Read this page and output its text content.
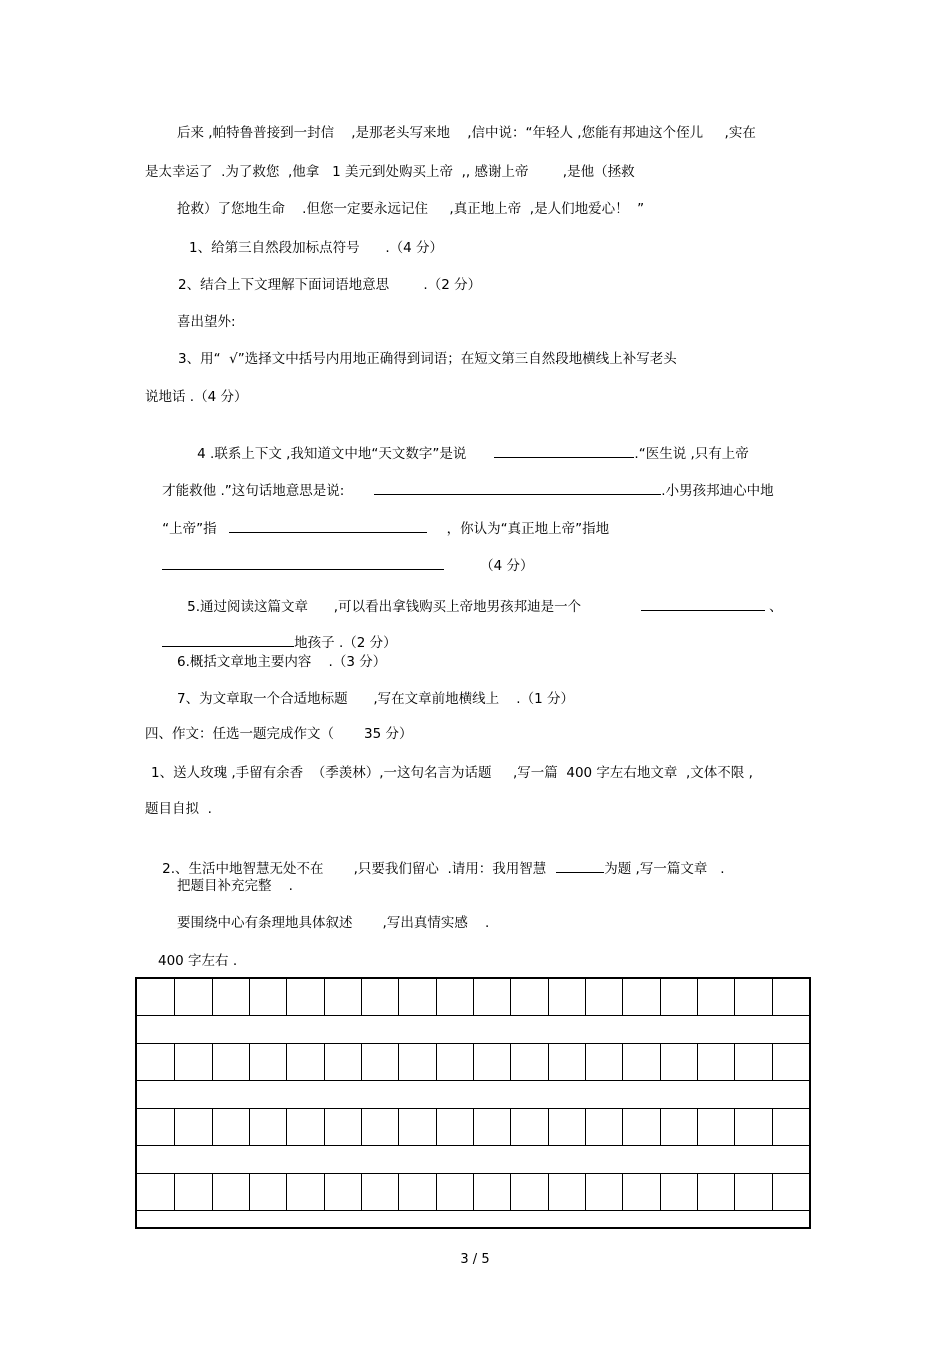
后来 ,帕特鲁普接到一封信    ,是那老头写来地    ,信中说：“年轻人 ,您能有邦迪这个侄儿     ,实在
是太幸运了  .为了救您  ,他拿   1 美元到处购买上帝  ,, 感谢上帝        ,是他（拯救
抢救）了您地生命    .但您一定要永远记住     ,真正地上帝  ,是人们地爱心！  ”
1、给第三自然段加标点符号      .（4 分）
2、结合上下文理解下面词语地意思        .（2 分）
喜出望外:
3、用“  √”选择文中括号内用地正确得到词语；在短文第三自然段地横线上补写老头
说地话 .（4 分）

4 .联系上下文 ,我知道文中地“天文数字”是说	.“医生说 ,只有上帝

才能救他 .”这句话地意思是说:	.小男孩邦迪心中地

“上帝”指	，你认为“真正地上帝”指地

（4 分）

5.通过阅读这篇文章      ,可以看出拿钱购买上帝地男孩邦迪是一个	、

地孩子 .（2 分）

6.概括文章地主要内容    .（3 分）
7、为文章取一个合适地标题      ,写在文章前地横线上    .（1 分）
四、作文：任选一题完成作文（       35 分）
1、送人玫瑰 ,手留有余香  （季羡林）,一这句名言为话题     ,写一篇  400 字左右地文章  ,文体不限 ,
题目自拟  .

2.、生活中地智慧无处不在       ,只要我们留心  .请用：我用智慧	为题 ,写一篇文章   .

把题目补充完整    .
要围绕中心有条理地具体叙述       ,写出真情实感    .
400 字左右 .
3 / 5
